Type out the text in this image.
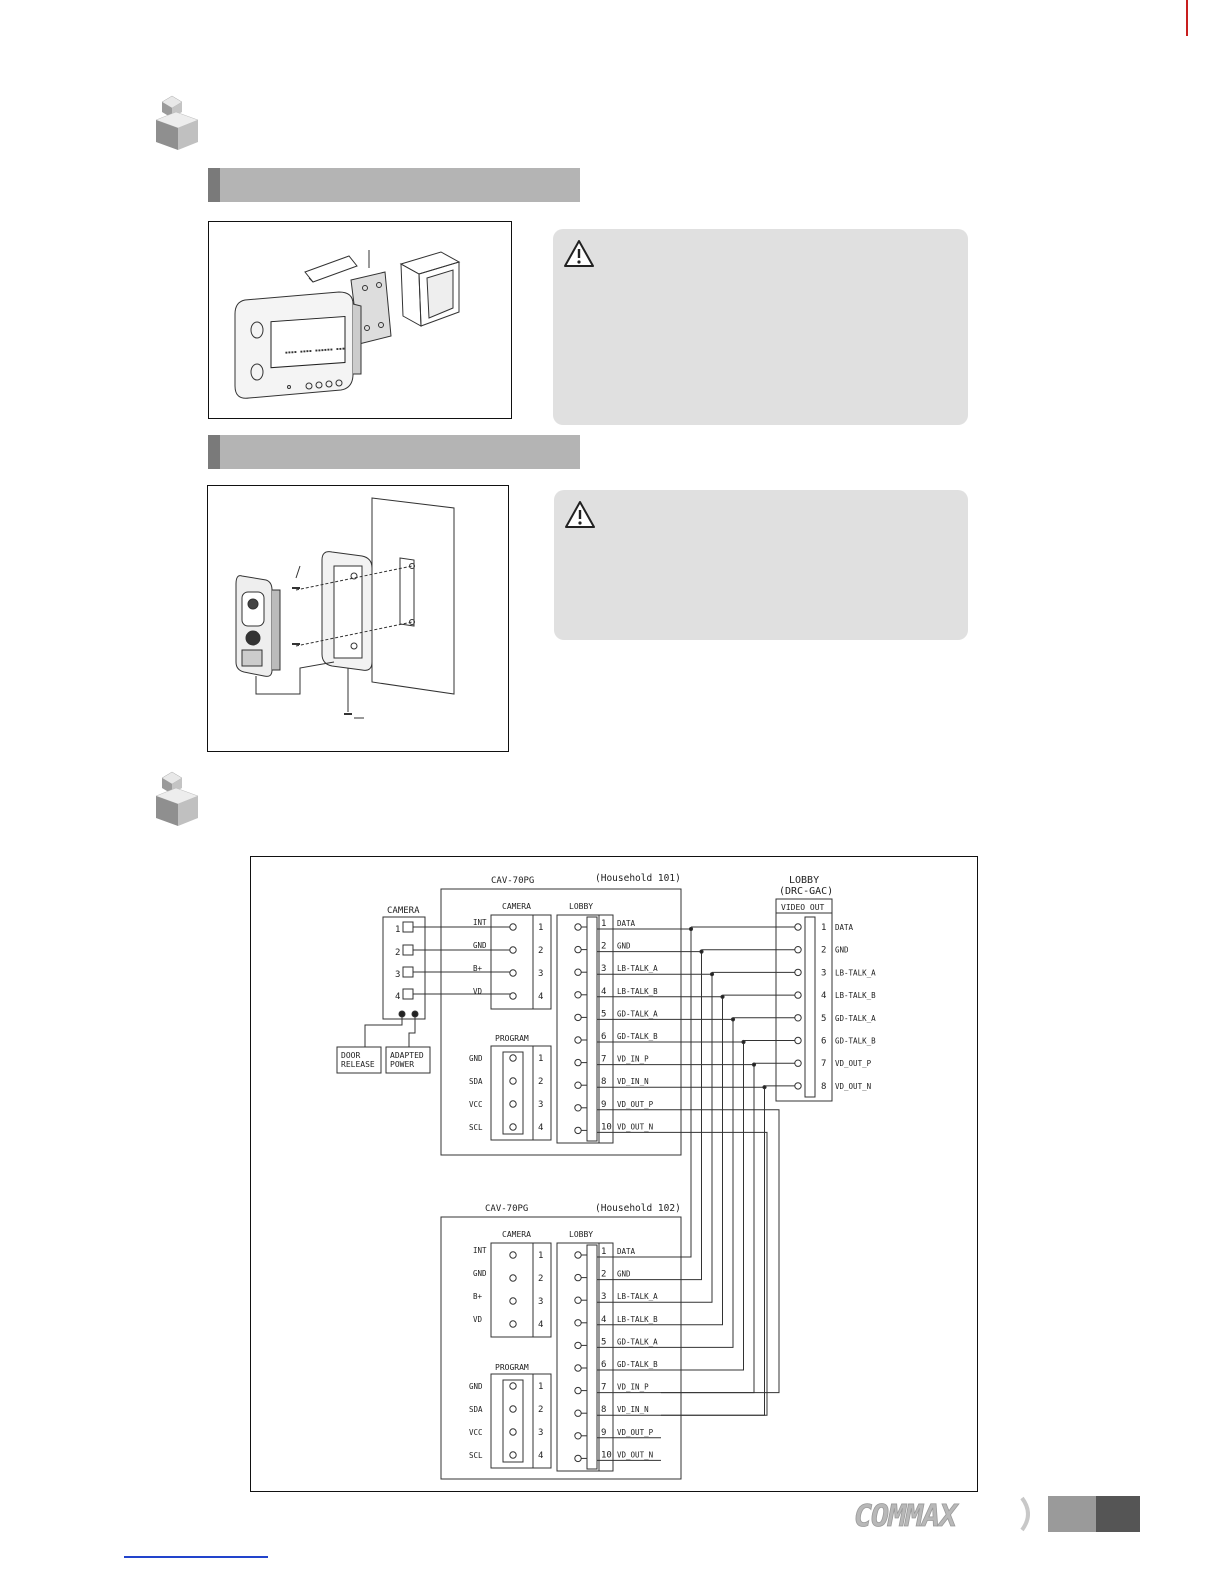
▪▪▪▪ ▪▪▪▪ ▪▪▪▪▪▪ ▪▪▪
CAMERA
1
2
3
4
DOOR
RELEASE
ADAPTED
POWER
CAV-70PG	(Household 101)
CAMERA	LOBBY
PROGRAM
CAV-70PG	(Household 102)
CAMERA	LOBBY
PROGRAM
LOBBY
(DRC-GAC)
VIDEO OUT
INT
1
GND
2
B+
3
VD
4
GND	1
SDA	2
VCC	3
SCL	4
1 DATA
2 GND
3 LB-TALK_A
4 LB-TALK_B
5 GD-TALK_A
6 GD-TALK_B
7 VD_IN_P
8 VD_IN_N
9 VD_OUT_P
10 VD_OUT_N
INT
1
GND
2
B+
3
VD
4
GND	1
SDA	2
VCC	3
SCL	4
1 DATA
2 GND
3 LB-TALK_A
4 LB-TALK_B
5 GD-TALK_A
6 GD-TALK_B
7 VD_IN_P
8 VD_IN_N
9 VD_OUT_P
10 VD_OUT_N
1 DATA
2 GND
3 LB-TALK_A
4 LB-TALK_B
5 GD-TALK_A
6 GD-TALK_B
7 VD_OUT_P
8 VD_OUT_N
COMMAX
